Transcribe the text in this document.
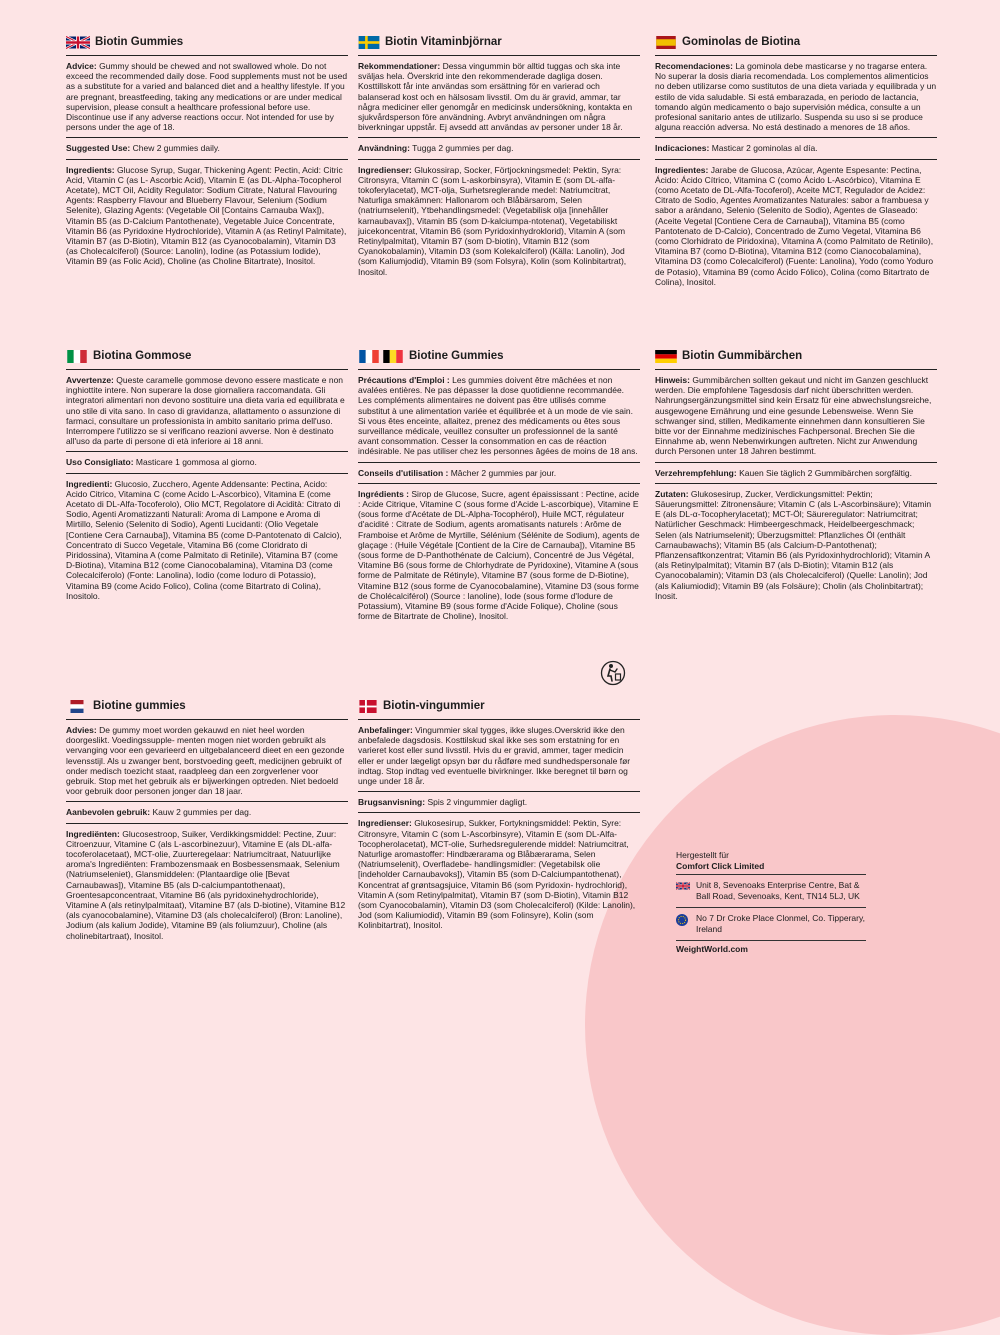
Biotin Gummies

Advice: Gummy should be chewed and not swallowed whole. Do not exceed the recommended daily dose. Food supplements must not be used as a substitute for a varied and balanced diet and a healthy lifestyle. If you are pregnant, breastfeeding, taking any medications or are under medical supervision, please consult a healthcare professional before use. Discontinue use if any adverse reactions occur. Not intended for use by persons under the age of 18.

Suggested Use: Chew 2 gummies daily.

Ingredients: Glucose Syrup, Sugar, Thickening Agent: Pectin, Acid: Citric Acid, Vitamin C (as L- Ascorbic Acid), Vitamin E (as DL-Alpha-Tocopherol Acetate), MCT Oil, Acidity Regulator: Sodium Citrate, Natural Flavouring Agents: Raspberry Flavour and Blueberry Flavour, Selenium (Sodium Selenite), Glazing Agents: (Vegetable Oil [Contains Carnauba Wax]), Vitamin B5 (as D-Calcium Pantothenate), Vegetable Juice Concentrate, Vitamin B6 (as Pyridoxine Hydrochloride), Vitamin A (as Retinyl Palmitate), Vitamin B7 (as D-Biotin), Vitamin B12 (as Cyanocobalamin), Vitamin D3 (as Cholecalciferol) (Source: Lanolin), Iodine (as Potassium Iodide), Vitamin B9 (as Folic Acid), Choline (as Choline Bitartrate), Inositol.

Biotin Vitaminbjörnar

Rekommendationer: Dessa vingummin bör alltid tuggas och ska inte sväljas hela. Överskrid inte den rekommenderade dagliga dosen. Kosttillskott får inte användas som ersättning för en varierad och balanserad kost och en hälsosam livsstil. Om du är gravid, ammar, tar några mediciner eller genomgår en medicinsk undersökning, kontakta en sjukvårdsperson före användning. Avbryt användningen om några biverkningar uppstår. Ej avsedd att användas av personer under 18 år.

Användning: Tugga 2 gummies per dag.

Ingredienser: Glukossirap, Socker, Förtjockningsmedel: Pektin, Syra: Citronsyra, Vitamin C (som L-askorbinsyra), Vitamin E (som DL-alfa-tokoferylacetat), MCT-olja, Surhetsreglerande medel: Natriumcitrat, Naturliga smakämnen: Hallonarom och Blåbärsarom, Selen (natriumselenit), Ytbehandlingsmedel: (Vegetabilisk olja [innehåller karnaubavax]), Vitamin B5 (som D-kalciumpa-ntotenat), Vegetabiliskt juicekoncentrat, Vitamin B6 (som Pyridoxinhydroklorid), Vitamin A (som Retinylpalmitat), Vitamin B7 (som D-biotin), Vitamin B12 (som Cyanokobalamin), Vitamin D3 (som Kolekalciferol) (Källa: Lanolin), Jod (som Kaliumjodid), Vitamin B9 (som Folsyra), Kolin (som Kolinbitartrat), Inositol.

Gominolas de Biotina

Recomendaciones: La gominola debe masticarse y no tragarse entera. No superar la dosis diaria recomendada. Los complementos alimenticios no deben utilizarse como sustitutos de una dieta variada y equilibrada y un estilo de vida saludable. Si está embarazada, en periodo de lactancia, tomando algún medicamento o bajo supervisión médica, consulte a un profesional sanitario antes de utilizarlo. Suspenda su uso si se produce alguna reacción adversa. No está destinado a menores de 18 años.

Indicaciones: Masticar 2 gominolas al día.

Ingredientes: Jarabe de Glucosa, Azúcar, Agente Espesante: Pectina, Ácido: Ácido Cítrico, Vitamina C (como Ácido L-Ascórbico), Vitamina E (como Acetato de DL-Alfa-Tocoferol), Aceite MCT, Regulador de Acidez: Citrato de Sodio, Agentes Aromatizantes Naturales: sabor a frambuesa y sabor a arándano, Selenio (Selenito de Sodio), Agentes de Glaseado: (Aceite Vegetal [Contiene Cera de Carnauba]), Vitamina B5 (como Pantotenato de D-Calcio), Concentrado de Zumo Vegetal, Vitamina B6 (como Clorhidrato de Piridoxina), Vitamina A (como Palmitato de Retinilo), Vitamina B7 (como D-Biotina), Vitamina B12 (como Cianocobalamina), Vitamina D3 (como Colecalciferol) (Fuente: Lanolina), Yodo (como Yoduro de Potasio), Vitamina B9 (como Ácido Fólico), Colina (como Bitartrato de Colina), Inositol.

Biotina Gommose

Avvertenze: Queste caramelle gommose devono essere masticate e non inghiottite intere. Non superare la dose giornaliera raccomandata. Gli integratori alimentari non devono sostituire una dieta varia ed equilibrata e uno stile di vita sano. In caso di gravidanza, allattamento o assunzione di farmaci, consultare un professionista in ambito sanitario prima dell'uso. Interrompere l'utilizzo se si verificano reazioni avverse. Non è destinato all'uso da parte di persone di età inferiore ai 18 anni.

Uso Consigliato: Masticare 1 gommosa al giorno.

Ingredienti: Glucosio, Zucchero, Agente Addensante: Pectina, Acido: Acido Citrico, Vitamina C (come Acido L-Ascorbico), Vitamina E (come Acetato di DL-Alfa-Tocoferolo), Olio MCT, Regolatore di Acidità: Citrato di Sodio, Agenti Aromatizzanti Naturali: Aroma di Lampone e Aroma di Mirtillo, Selenio (Selenito di Sodio), Agenti Lucidanti: (Olio Vegetale [Contiene Cera Carnauba]), Vitamina B5 (come D-Pantotenato di Calcio), Concentrato di Succo Vegetale, Vitamina B6 (come Cloridrato di Piridossina), Vitamina A (come Palmitato di Retinile), Vitamina B7 (come D-Biotina), Vitamina B12 (come Cianocobalamina), Vitamina D3 (come Colecalciferolo) (Fonte: Lanolina), Iodio (come Ioduro di Potassio), Vitamina B9 (come Acido Folico), Colina (come Bitartrato di Colina), Inositolo.

Biotine Gummies

Précautions d'Emploi : Les gummies doivent être mâchées et non avalées entières. Ne pas dépasser la dose quotidienne recommandée. Les compléments alimentaires ne doivent pas être utilisés comme substitut à une alimentation variée et équilibrée et à un mode de vie sain. Si vous êtes enceinte, allaitez, prenez des médicaments ou êtes sous surveillance médicale, veuillez consulter un professionnel de la santé avant consommation. Cesser la consommation en cas de réaction indésirable. Ne pas utiliser chez les personnes âgées de moins de 18 ans.

Conseils d'utilisation : Mâcher 2 gummies par jour.

Ingrédients : Sirop de Glucose, Sucre, agent épaississant : Pectine, acide : Acide Citrique, Vitamine C (sous forme d'Acide L-ascorbique), Vitamine E (sous forme d'Acétate de DL-Alpha-Tocophérol), Huile MCT, régulateur d'acidité : Citrate de Sodium, agents aromatisants naturels : Arôme de Framboise et Arôme de Myrtille, Sélénium (Sélénite de Sodium), agents de glaçage : (Huile Végétale [Contient de la Cire de Carnauba]), Vitamine B5 (sous forme de D-Panthothénate de Calcium), Concentré de Jus Végétal, Vitamine B6 (sous forme de Chlorhydrate de Pyridoxine), Vitamine A (sous forme de Palmitate de Rétinyle), Vitamine B7 (sous forme de D-Biotine), Vitamine B12 (sous forme de Cyanocobalamine), Vitamine D3 (sous forme de Cholécalciférol) (Source : lanoline), Iode (sous forme d'Iodure de Potassium), Vitamine B9 (sous forme d'Acide Folique), Choline (sous forme de Bitartrate de Choline), Inositol.

Biotin Gummibärchen

Hinweis: Gummibärchen sollten gekaut und nicht im Ganzen geschluckt werden. Die empfohlene Tagesdosis darf nicht überschritten werden. Nahrungsergänzungsmittel sind kein Ersatz für eine abwechslungsreiche, ausgewogene Ernährung und eine gesunde Lebensweise. Wenn Sie schwanger sind, stillen, Medikamente einnehmen dann konsultieren Sie bitte vor der Einnahme medizinisches Fachpersonal. Brechen Sie die Einnahme ab, wenn Nebenwirkungen auftreten. Nicht zur Anwendung durch Personen unter 18 Jahren bestimmt.

Verzehrempfehlung: Kauen Sie täglich 2 Gummibärchen sorgfältig.

Zutaten: Glukosesirup, Zucker, Verdickungsmittel: Pektin; Säuerungsmittel: Zitronensäure; Vitamin C (als L-Ascorbinsäure); Vitamin E (als DL-α-Tocopherylacetat); MCT-Öl; Säureregulator: Natriumcitrat; Natürlicher Geschmack: Himbeergeschmack, Heidelbeergeschmack; Selen (als Natriumselenit); Überzugsmittel: Pflanzliches Öl (enthält Carnaubawachs); Vitamin B5 (als Calcium-D-Pantothenat); Pflanzensaftkonzentrat; Vitamin B6 (als Pyridoxinhydrochlorid); Vitamin A (als Retinylpalmitat); Vitamin B7 (als D-Biotin); Vitamin B12 (als Cyanocobalamin); Vitamin D3 (als Cholecalciferol) (Quelle: Lanolin); Jod (als Kaliumiodid); Vitamin B9 (als Folsäure); Cholin (als Cholinbitartrat); Inosit.

Biotine gummies

Advies: De gummy moet worden gekauwd en niet heel worden doorgeslikt. Voedingssupple- menten mogen niet worden gebruikt als vervanging voor een gevarieerd en uitgebalanceerd dieet en een gezonde levensstijl. Als u zwanger bent, borstvoeding geeft, medicijnen gebruikt of onder medisch toezicht staat, raadpleeg dan een zorgverlener voor gebruik. Stop met het gebruik als er bijwerkingen optreden. Niet bedoeld voor gebruik door personen jonger dan 18 jaar.

Aanbevolen gebruik: Kauw 2 gummies per dag.

Ingrediënten: Glucosestroop, Suiker, Verdikkingsmiddel: Pectine, Zuur: Citroenzuur, Vitamine C (als L-ascorbinezuur), Vitamine E (als DL-alfa-tocoferolacetaat), MCT-olie, Zuurteregelaar: Natriumcitraat, Natuurlijke aroma's Ingrediënten: Frambozensmaak en Bosbessensmaak, Selenium (Natriumseleniet), Glansmiddelen: (Plantaardige olie [Bevat Carnaubawas]), Vitamine B5 (als D-calciumpantothenaat), Groentesapconcentraat, Vitamine B6 (als pyridoxinehydrochloride), Vitamine A (als retinylpalmitaat), Vitamine B7 (als D-biotine), Vitamine B12 (als cyanocobalamine), Vitamine D3 (als cholecalciferol) (Bron: Lanoline), Jodium (als kalium Jodide), Vitamine B9 (als foliumzuur), Choline (als cholinebitartraat), Inositol.

Biotin-vingummier

Anbefalinger: Vingummier skal tygges, ikke sluges.Overskrid ikke den anbefalede dagsdosis. Kosttilskud skal ikke ses som erstatning for en varieret kost eller sund livsstil. Hvis du er gravid, ammer, tager medicin eller er under lægeligt opsyn bør du rådføre med sundhedspersonale før indtag. Stop indtag ved eventuelle bivirkninger. Ikke beregnet til børn og unge under 18 år.

Brugsanvisning: Spis 2 vingummier dagligt.

Ingredienser: Glukosesirup, Sukker, Fortykningsmiddel: Pektin, Syre: Citronsyre, Vitamin C (som L-Ascorbinsyre), Vitamin E (som DL-Alfa- Tocopherolacetat), MCT-olie, Surhedsregulerende middel: Natriumcitrat, Naturlige aromastoffer: Hindbærarama og Blåbærarama, Selen (Natriumselenit), Overfladebe- handlingsmidler: (Vegetabilsk olie [indeholder Carnaubavoks]), Vitamin B5 (som D-Calciumpantothenat), Koncentrat af grøntsagsjuice, Vitamin B6 (som Pyridoxin- hydrochlorid), Vitamin A (som Retinylpalmitat), Vitamin B7 (som D-Biotin), Vitamin B12 (som Cyanocobalamin), Vitamin D3 (som Cholecalciferol) (Kilde: Lanolin), Jod (som Kaliumiodid), Vitamin B9 (som Folinsyre), Kolin (som Kolinbitartrat), Inositol.

Hergestellt für
Comfort Click Limited
Unit 8, Sevenoaks Enterprise Centre, Bat & Ball Road, Sevenoaks, Kent, TN14 5LJ, UK
No 7 Dr Croke Place Clonmel, Co. Tipperary, Ireland
WeightWorld.com
